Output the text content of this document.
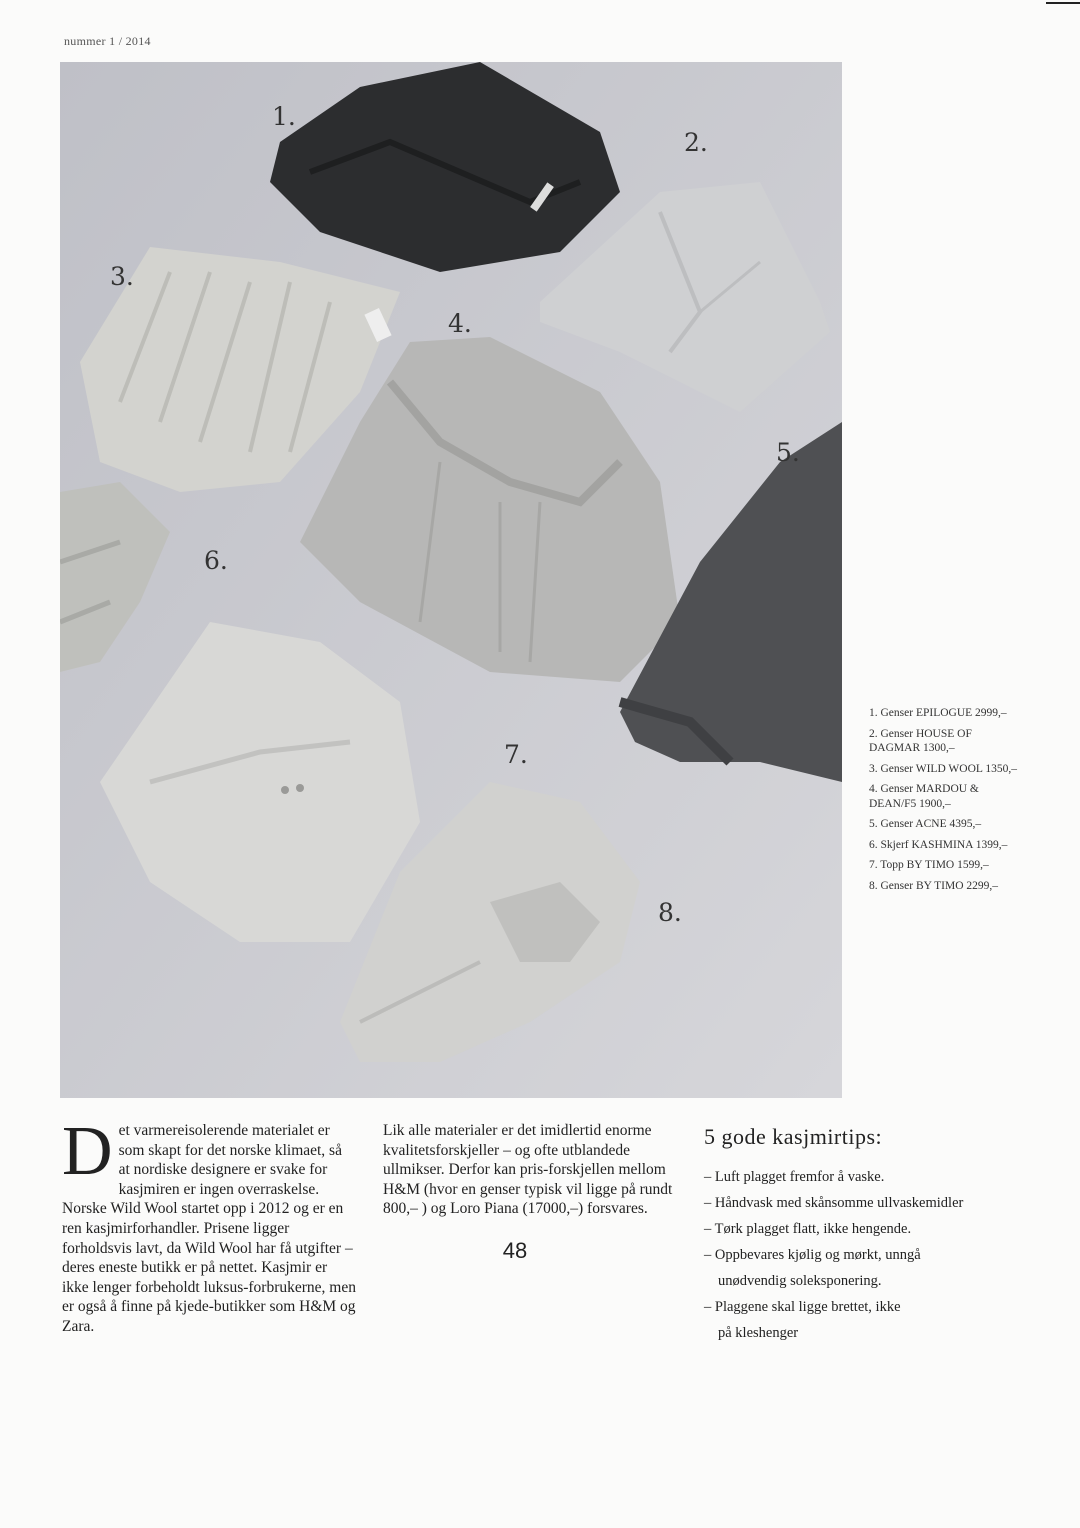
nummer 1 / 2014
1.
2.
3.
4.
5.
6.
7.
8.
1. Genser EPILOGUE 2999,–
2. Genser HOUSE OF DAGMAR 1300,–
3. Genser WILD WOOL 1350,–
4. Genser MARDOU & DEAN/F5 1900,–
5. Genser ACNE 4395,–
6. Skjerf KASHMINA 1399,–
7. Topp BY TIMO 1599,–
8. Genser BY TIMO 2299,–
Det varmereisolerende materialet er som skapt for det norske klimaet, så at nordiske designere er svake for kasjmiren er ingen overraskelse. Norske Wild Wool startet opp i 2012 og er en ren kasjmirforhandler. Prisene ligger forholdsvis lavt, da Wild Wool har få utgifter – deres eneste butikk er på nettet. Kasjmir er ikke lenger forbeholdt luksus-forbrukerne, men er også å finne på kjede-butikker som H&M og Zara.
Lik alle materialer er det imidlertid enorme kvalitetsforskjeller – og ofte utblandede ullmikser. Derfor kan pris-forskjellen mellom H&M (hvor en genser typisk vil ligge på rundt 800,– ) og Loro Piana (17000,–) forsvares.
5 gode kasjmirtips:
– Luft plagget fremfor å vaske.
– Håndvask med skånsomme ullvaskemidler
– Tørk plagget flatt, ikke hengende.
– Oppbevares kjølig og mørkt, unngå
unødvendig soleksponering.
– Plaggene skal ligge brettet, ikke
på kleshenger
48
